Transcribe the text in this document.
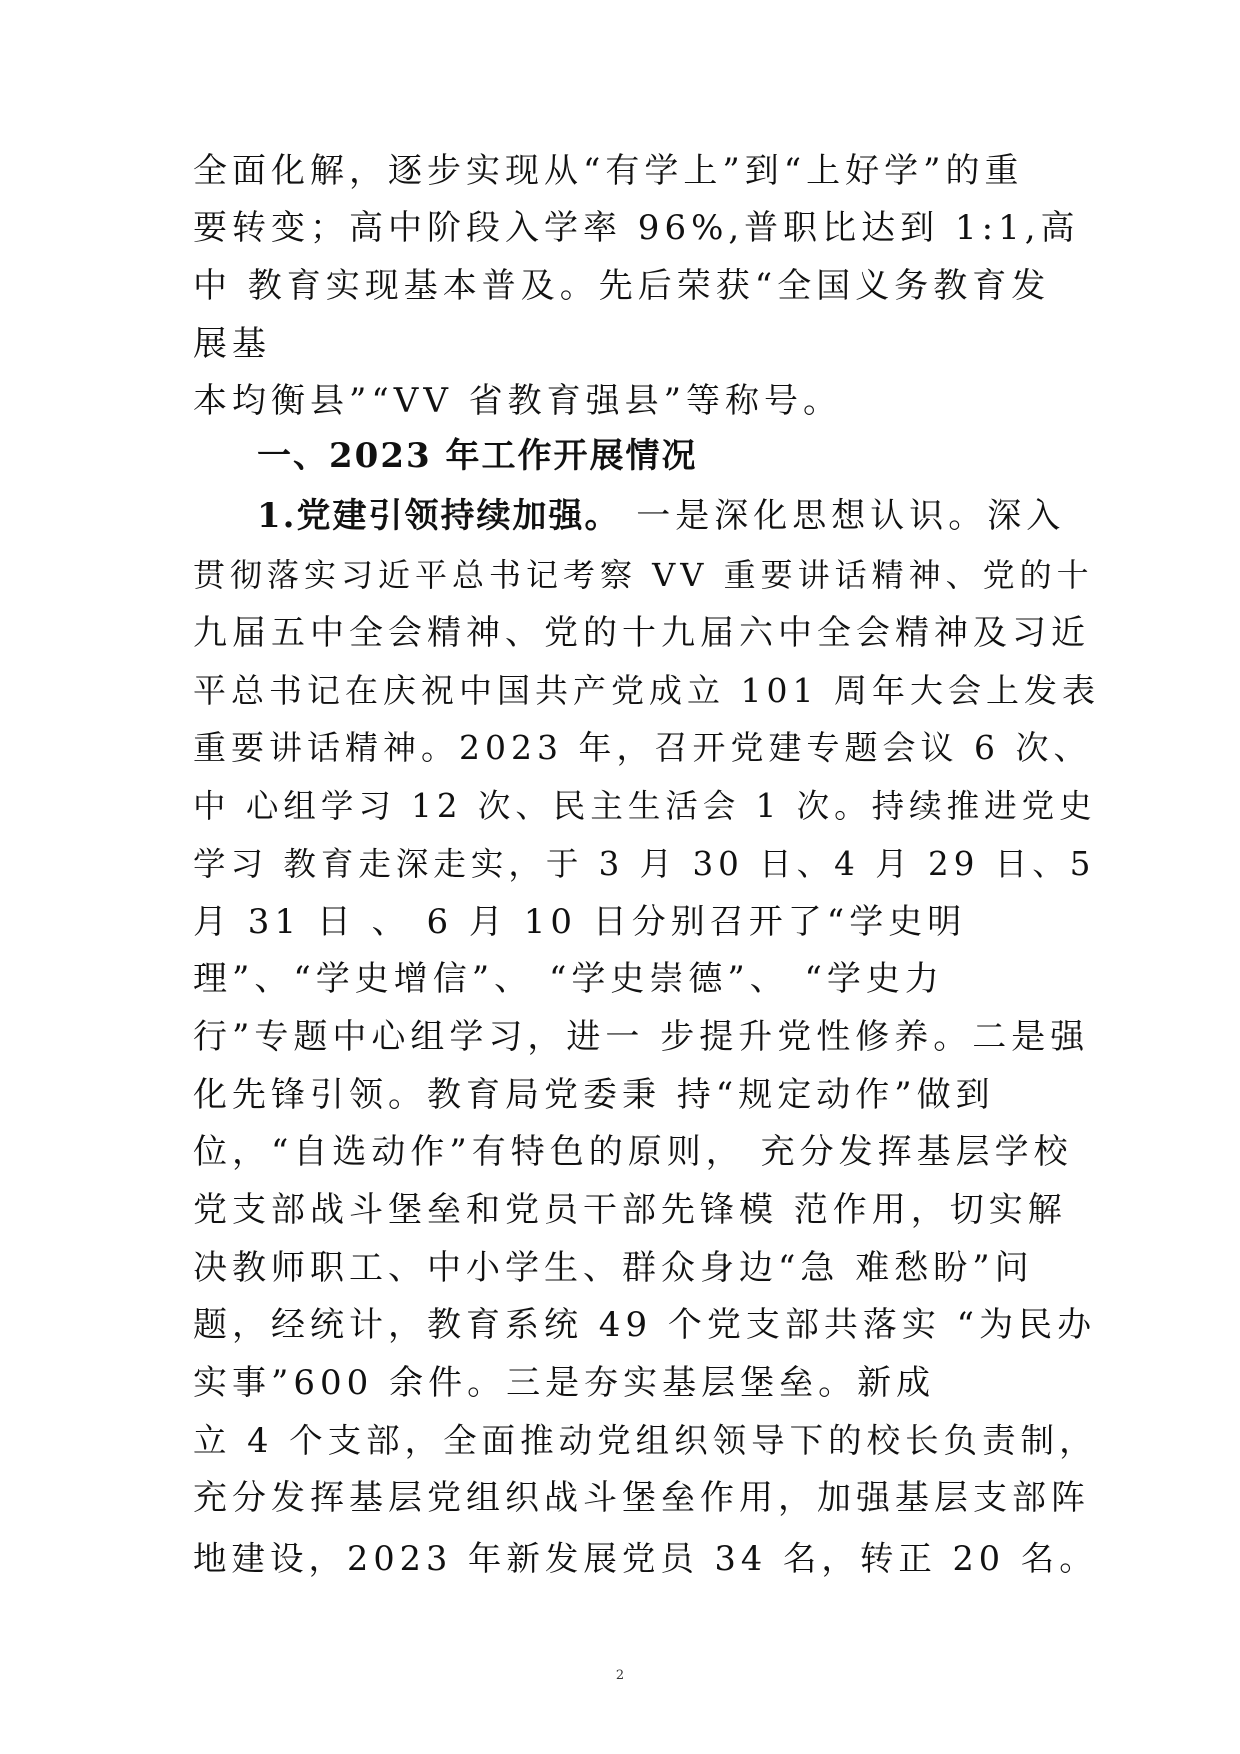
全面化解，逐步实现从“有学上”到“上好学”的重
要转变；高中阶段入学率 96%,普职比达到 1:1,高
中 教育实现基本普及。先后荣获“全国义务教育发
展基
本均衡县”“VV 省教育强县”等称号。
一、2023 年工作开展情况
1.党建引领持续加强。 一是深化思想认识。深入
贯彻落实习近平总书记考察 VV 重要讲话精神、党的十
九届五中全会精神、党的十九届六中全会精神及习近
平总书记在庆祝中国共产党成立 101 周年大会上发表
重要讲话精神。2023 年，召开党建专题会议 6 次、
中 心组学习 12 次、民主生活会 1 次。持续推进党史
学习 教育走深走实，于 3 月 30 日、4 月 29 日、5
月 31 日 、 6 月 10 日分别召开了“学史明
理”、“学史增信”、 “学史崇德”、 “学史力
行”专题中心组学习，进一 步提升党性修养。二是强
化先锋引领。教育局党委秉 持“规定动作”做到
位，“自选动作”有特色的原则， 充分发挥基层学校
党支部战斗堡垒和党员干部先锋模 范作用，切实解
决教师职工、中小学生、群众身边“急 难愁盼”问
题，经统计，教育系统 49 个党支部共落实 “为民办
实事”600 余件。三是夯实基层堡垒。新成
立 4 个支部，全面推动党组织领导下的校长负责制，
充分发挥基层党组织战斗堡垒作用，加强基层支部阵
地建设，2023 年新发展党员 34 名，转正 20 名。
2
